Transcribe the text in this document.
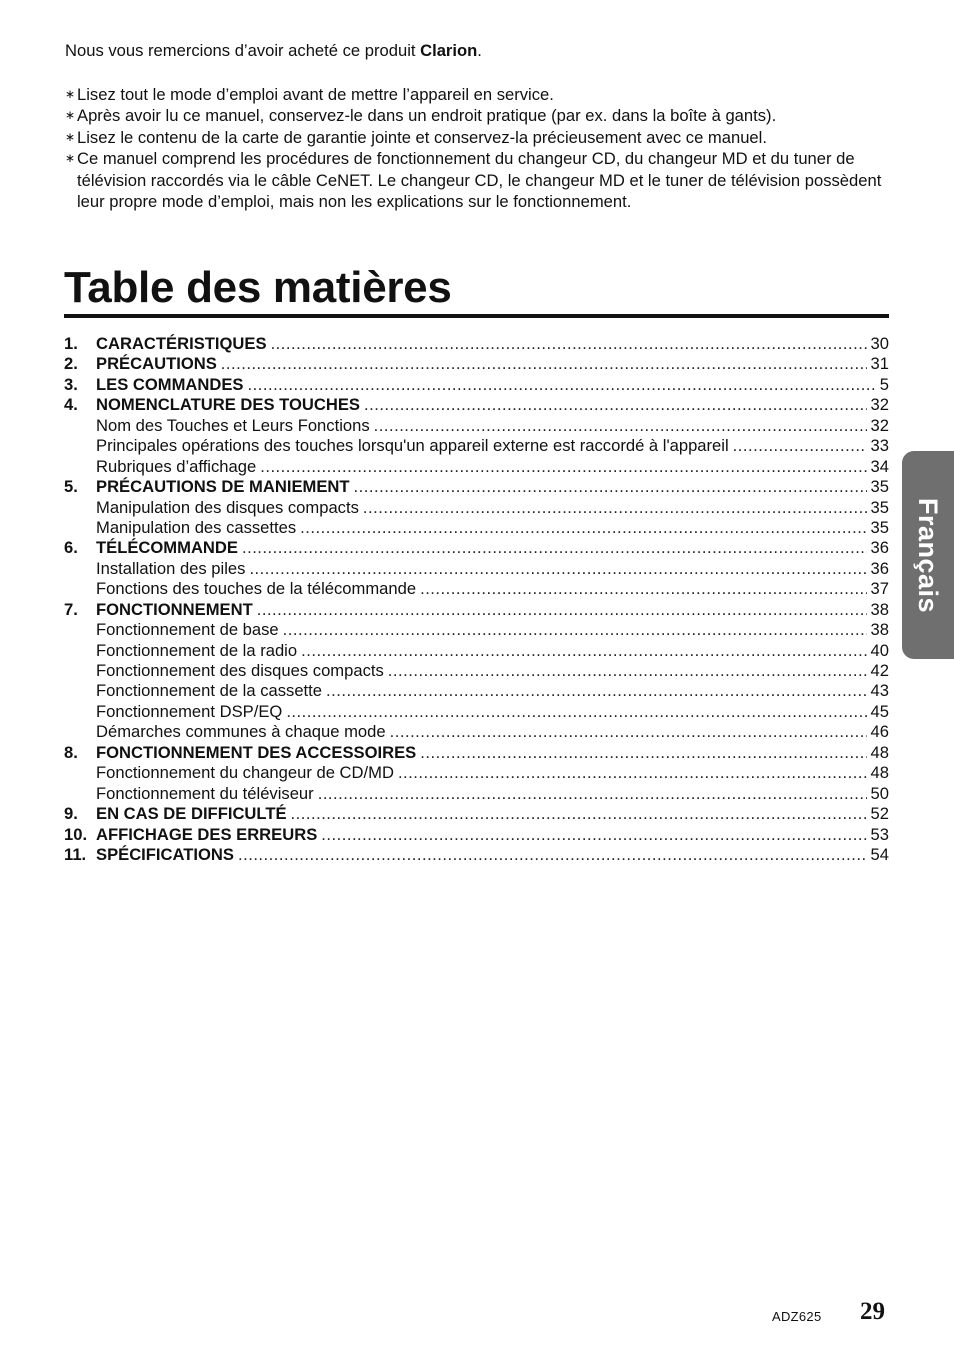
Nous vous remercions d’avoir acheté ce produit Clarion.

∗ Lisez tout le mode d’emploi avant de mettre l’appareil en service.
∗ Après avoir lu ce manuel, conservez-le dans un endroit pratique (par ex. dans la boîte à gants).
∗ Lisez le contenu de la carte de garantie jointe et conservez-la précieusement avec ce manuel.
∗ Ce manuel comprend les procédures de fonctionnement du changeur CD, du changeur MD et du tuner de télévision raccordés via le câble CeNET. Le changeur CD, le changeur MD et le tuner de télévision possèdent leur propre mode d’emploi, mais non les explications sur le fonctionnement.
Table des matières
1.	CARACTÉRISTIQUES .....	30
2.	PRÉCAUTIONS .....	31
3.	LES COMMANDES .....	5
4.	NOMENCLATURE DES TOUCHES .....	32
Nom des Touches et Leurs Fonctions .....	32
Principales opérations des touches lorsqu'un appareil externe est raccordé à l'appareil .....	33
Rubriques d’affichage .....	34
5.	PRÉCAUTIONS DE MANIEMENT .....	35
Manipulation des disques compacts .....	35
Manipulation des cassettes .....	35
6.	TÉLÉCOMMANDE .....	36
Installation des piles .....	36
Fonctions des touches de la télécommande .....	37
7.	FONCTIONNEMENT .....	38
Fonctionnement de base .....	38
Fonctionnement de la radio .....	40
Fonctionnement des disques compacts .....	42
Fonctionnement de la cassette .....	43
Fonctionnement DSP/EQ .....	45
Démarches communes à chaque mode .....	46
8.	FONCTIONNEMENT DES ACCESSOIRES .....	48
Fonctionnement du changeur de CD/MD .....	48
Fonctionnement du téléviseur .....	50
9.	EN CAS DE DIFFICULTÉ .....	52
10. AFFICHAGE DES ERREURS .....	53
11. SPÉCIFICATIONS .....	54
Français
ADZ625 29
